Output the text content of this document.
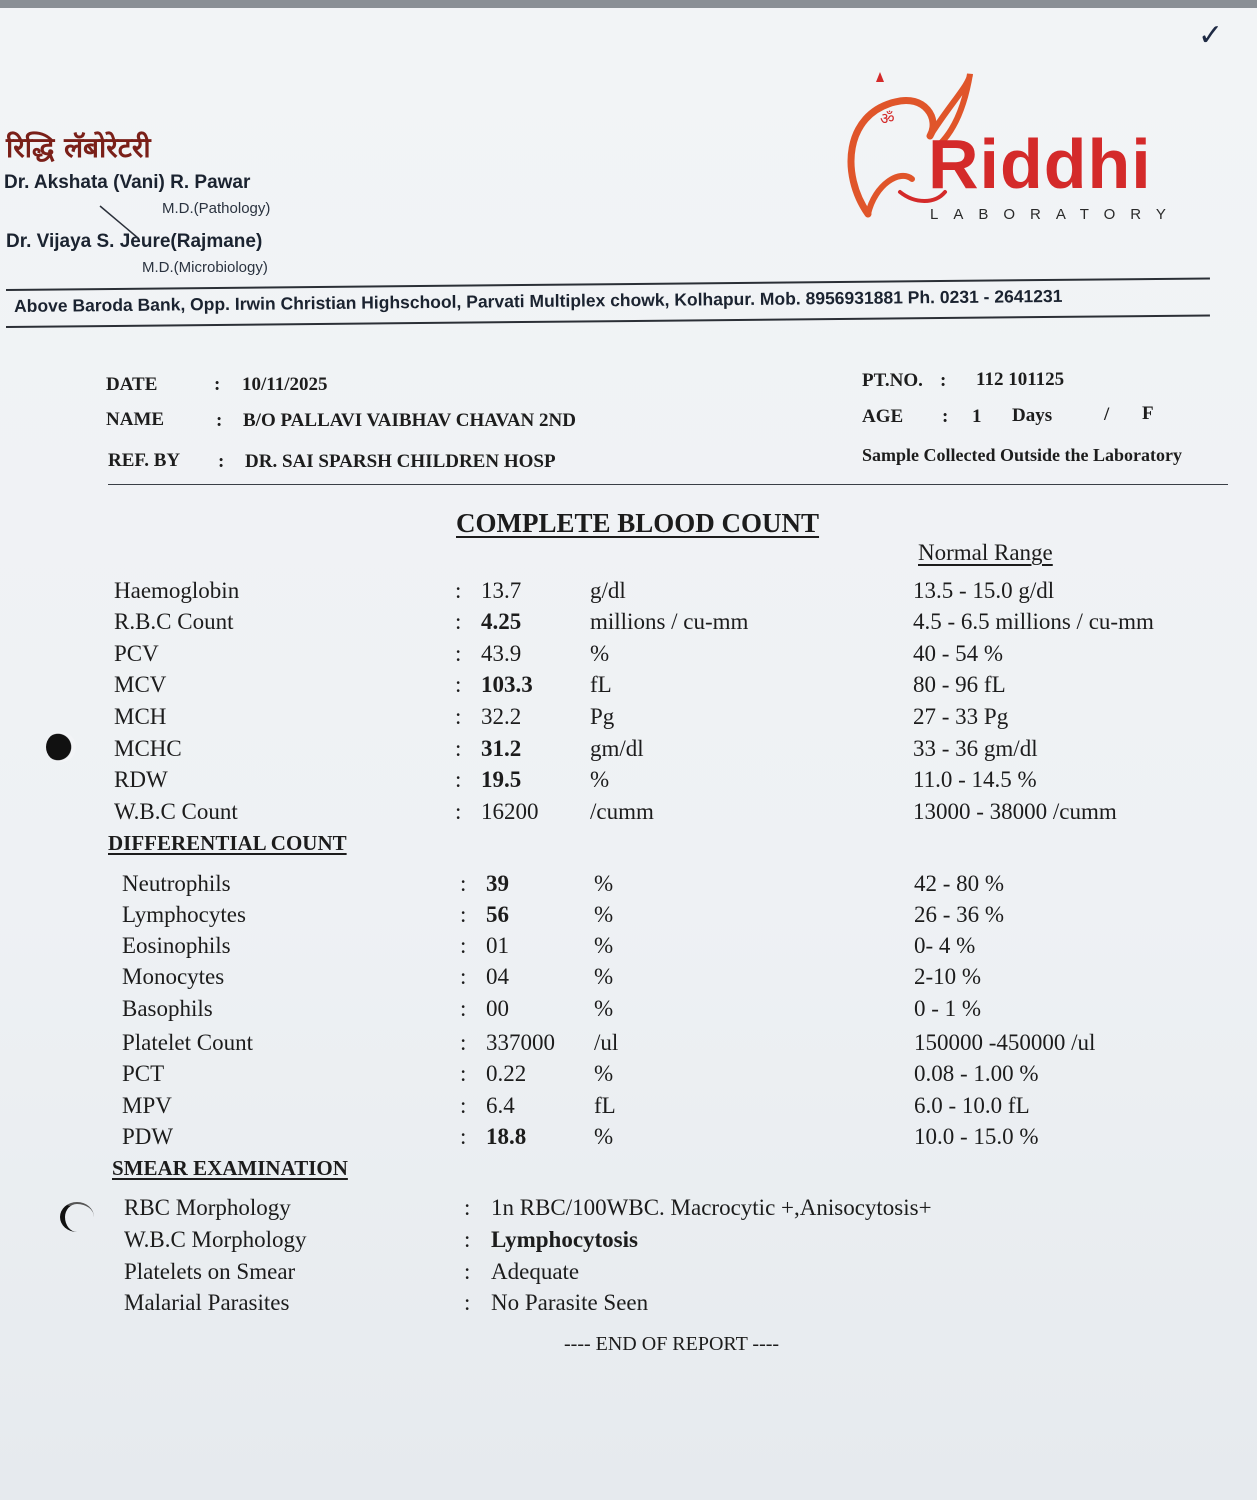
✓
रिद्धि लॅबोरेटरी
Dr. Akshata (Vani) R. Pawar
M.D.(Pathology)
Dr. Vijaya S. Jeure(Rajmane)
M.D.(Microbiology)
ॐ
Riddhi
LABORATORY
Above Baroda Bank, Opp. Irwin Christian Highschool, Parvati Multiplex chowk, Kolhapur. Mob. 8956931881 Ph. 0231 - 2641231
DATE	: 10/11/2025
NAME	: B/O PALLAVI VAIBHAV CHAVAN 2ND
REF. BY : DR. SAI SPARSH CHILDREN HOSP
PT.NO. : 112 101125
AGE : 1 Days	/ F
Sample Collected Outside the Laboratory
COMPLETE BLOOD COUNT
Normal Range
Haemoglobin	: 13.7	g/dl	13.5 - 15.0 g/dl
R.B.C Count	: 4.25	millions / cu-mm	4.5 - 6.5 millions / cu-mm
PCV	: 43.9	%	40 - 54 %
MCV	: 103.3 fL	80 - 96 fL
MCH	: 32.2	Pg	27 - 33 Pg
MCHC	: 31.2	gm/dl	33 - 36 gm/dl
RDW	: 19.5	%	11.0 - 14.5 %
W.B.C Count	: 16200 /cumm	13000 - 38000 /cumm
DIFFERENTIAL COUNT
Neutrophils	: 39	%	42 - 80 %
Lymphocytes	: 56	%	26 - 36 %
Eosinophils	: 01	%	0- 4 %
Monocytes	: 04	%	2-10 %
Basophils	: 00	%	0 - 1 %
Platelet Count	: 337000 /ul	150000 -450000 /ul
PCT	: 0.22	%	0.08 - 1.00 %
MPV	: 6.4	fL	6.0 - 10.0 fL
PDW	: 18.8	%	10.0 - 15.0 %
SMEAR EXAMINATION
RBC Morphology	: 1n RBC/100WBC. Macrocytic +,Anisocytosis+
W.B.C Morphology	: Lymphocytosis
Platelets on Smear	: Adequate
Malarial Parasites	: No Parasite Seen
---- END OF REPORT ----
